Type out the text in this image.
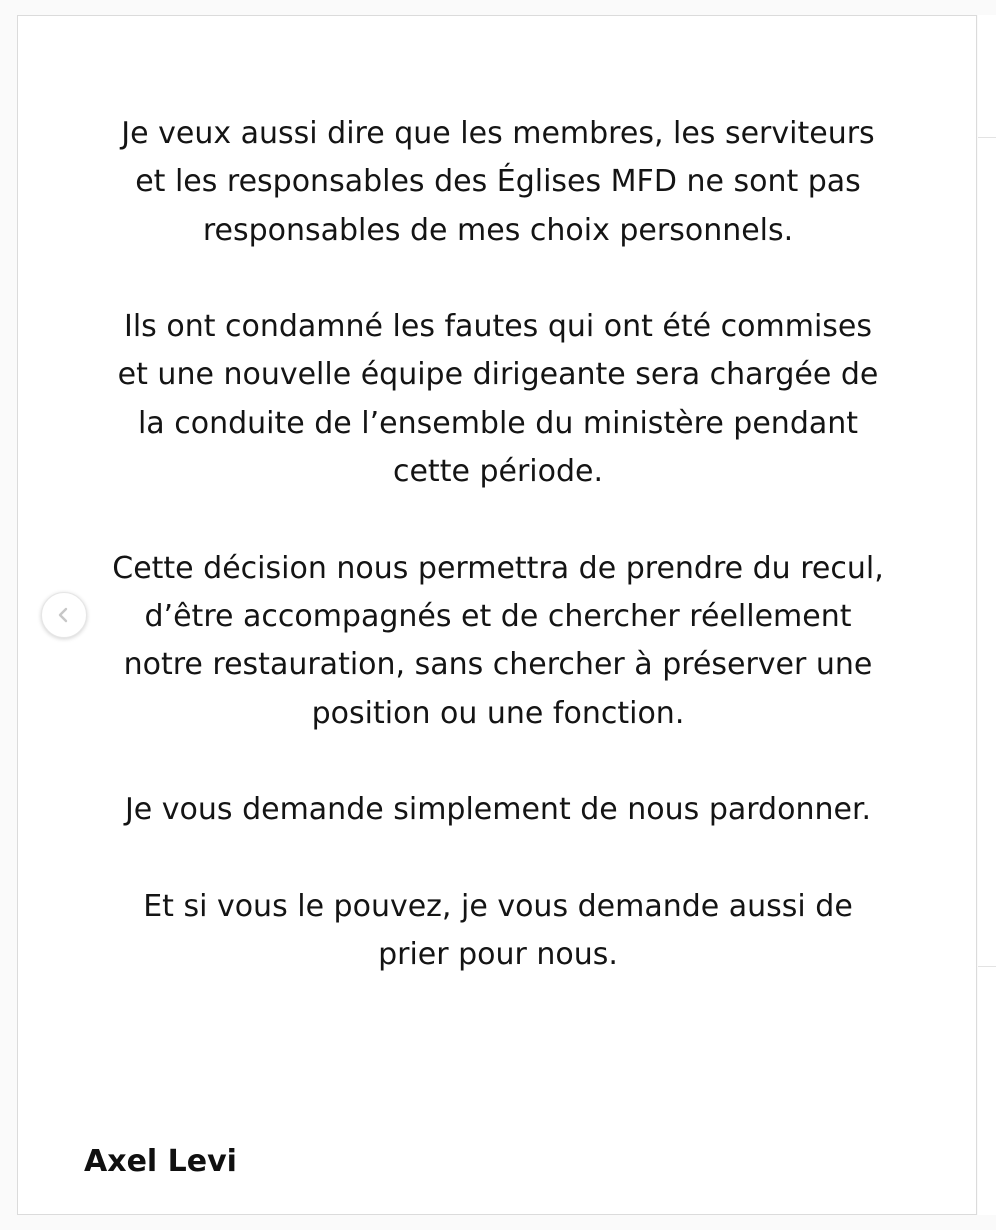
Je veux aussi dire que les membres, les serviteurs
et les responsables des Églises MFD ne sont pas
responsables de mes choix personnels.

Ils ont condamné les fautes qui ont été commises
et une nouvelle équipe dirigeante sera chargée de
la conduite de l’ensemble du ministère pendant
cette période.

Cette décision nous permettra de prendre du recul,
d’être accompagnés et de chercher réellement
notre restauration, sans chercher à préserver une
position ou une fonction.

Je vous demande simplement de nous pardonner.

Et si vous le pouvez, je vous demande aussi de
prier pour nous.

Axel Levi
